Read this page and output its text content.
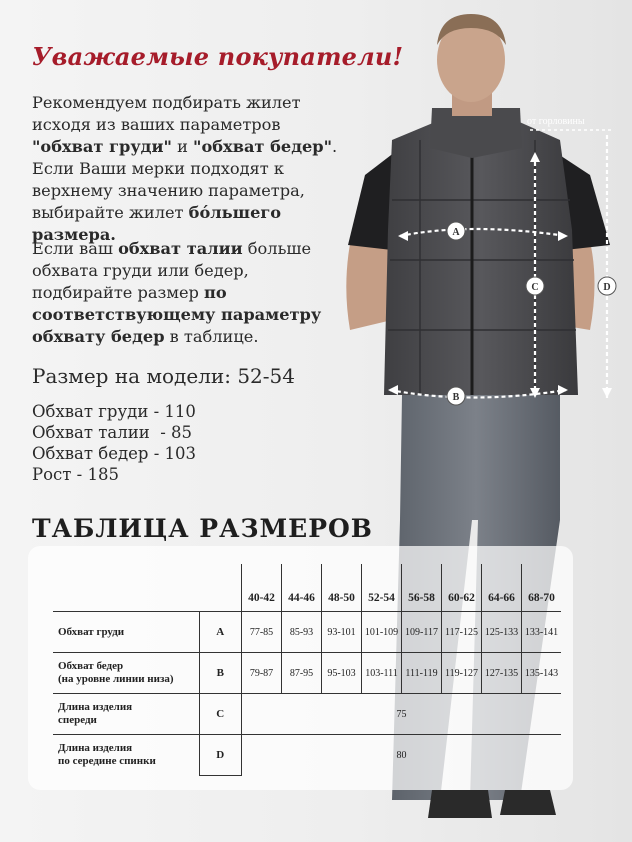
от горловины
A
B
C	D
Уважаемые покупатели!

Рекомендуем подбирать жилет

исходя из ваших параметров

"обхват груди" и "обхват бедер".

Если Ваши мерки подходят к

верхнему значению параметра,

выбирайте жилет бо́льшего размера.

Если ваш обхват талии больше

обхвата груди или бедер,

подбирайте размер по

соответствующему параметру

обхвату бедер в таблице.

Размер на модели: 52-54
Обхват груди - 110
Обхват талии  - 85
Обхват бедер - 103
Рост - 185
ТАБЛИЦА РАЗМЕРОВ
		40-42	44-46	48-50	52-54	56-58	60-62	64-66	68-70

Обхват груди	A	77-85	85-93	93-101	101-109	109-117	117-125	125-133	133-141

Обхват бедер
(на уровне линии низа)	B	79-87	87-95	95-103	103-111	111-119	119-127	127-135	135-143

Длина изделия
спереди	C	75							

Длина изделия
по середине спинки	D	80							
